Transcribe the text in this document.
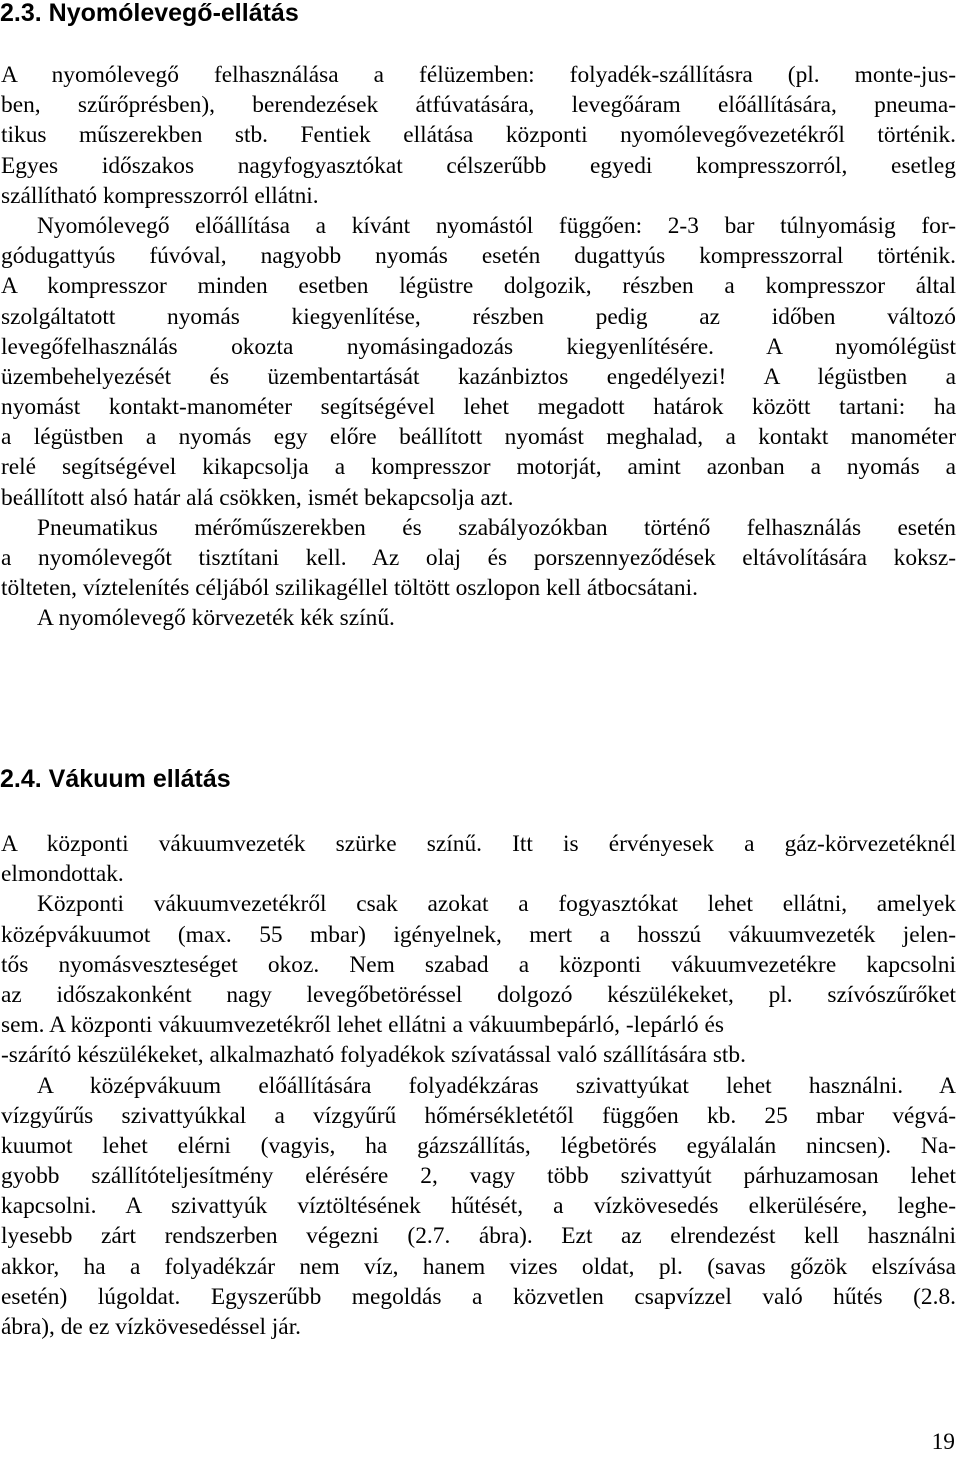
2.3. Nyomólevegő-ellátás
A nyomólevegő felhasználása a félüzemben: folyadék-szállításra (pl. monte-jus-
ben, szűrőprésben), berendezések átfúvatására, levegőáram előállítására, pneuma-
tikus műszerekben stb. Fentiek ellátása központi nyomólevegővezetékről történik.
Egyes időszakos nagyfogyasztókat célszerűbb egyedi kompresszorról, esetleg
szállítható kompresszorról ellátni.
Nyomólevegő előállítása a kívánt nyomástól függően: 2-3 bar túlnyomásig for-
gódugattyús fúvóval, nagyobb nyomás esetén dugattyús kompresszorral történik.
A kompresszor minden esetben légüstre dolgozik, részben a kompresszor által
szolgáltatott nyomás kiegyenlítése, részben pedig az időben változó
levegőfelhasználás okozta nyomásingadozás kiegyenlítésére. A nyomólégüst
üzembehelyezését és üzembentartását kazánbiztos engedélyezi! A légüstben a
nyomást kontakt-manométer segítségével lehet megadott határok között tartani: ha
a légüstben a nyomás egy előre beállított nyomást meghalad, a kontakt manométer
relé segítségével kikapcsolja a kompresszor motorját, amint azonban a nyomás a
beállított alsó határ alá csökken, ismét bekapcsolja azt.
Pneumatikus mérőműszerekben és szabályozókban történő felhasználás esetén
a nyomólevegőt tisztítani kell. Az olaj és porszennyeződések eltávolítására koksz-
tölteten, víztelenítés céljából szilikagéllel töltött oszlopon kell átbocsátani.
A nyomólevegő körvezeték kék színű.
2.4. Vákuum ellátás
A központi vákuumvezeték szürke színű. Itt is érvényesek a gáz-körvezetéknél
elmondottak.
Központi vákuumvezetékről csak azokat a fogyasztókat lehet ellátni, amelyek
középvákuumot (max. 55 mbar) igényelnek, mert a hosszú vákuumvezeték jelen-
tős nyomásveszteséget okoz. Nem szabad a központi vákuumvezetékre kapcsolni
az időszakonként nagy levegőbetöréssel dolgozó készülékeket, pl. szívószűrőket
sem. A központi vákuumvezetékről lehet ellátni a vákuumbepárló, -lepárló és
-szárító készülékeket, alkalmazható folyadékok szívatással való szállítására stb.
A középvákuum előállítására folyadékzáras szivattyúkat lehet használni. A
vízgyűrűs szivattyúkkal a vízgyűrű hőmérsékletétől függően kb. 25 mbar végvá-
kuumot lehet elérni (vagyis, ha gázszállítás, légbetörés egyálalán nincsen). Na-
gyobb szállítóteljesítmény elérésére 2, vagy több szivattyút párhuzamosan lehet
kapcsolni. A szivattyúk víztöltésének hűtését, a vízkövesedés elkerülésére, leghe-
lyesebb zárt rendszerben végezni (2.7. ábra). Ezt az elrendezést kell használni
akkor, ha a folyadékzár nem víz, hanem vizes oldat, pl. (savas gőzök elszívása
esetén) lúgoldat. Egyszerűbb megoldás a közvetlen csapvízzel való hűtés (2.8.
ábra), de ez vízkövesedéssel jár.
19
